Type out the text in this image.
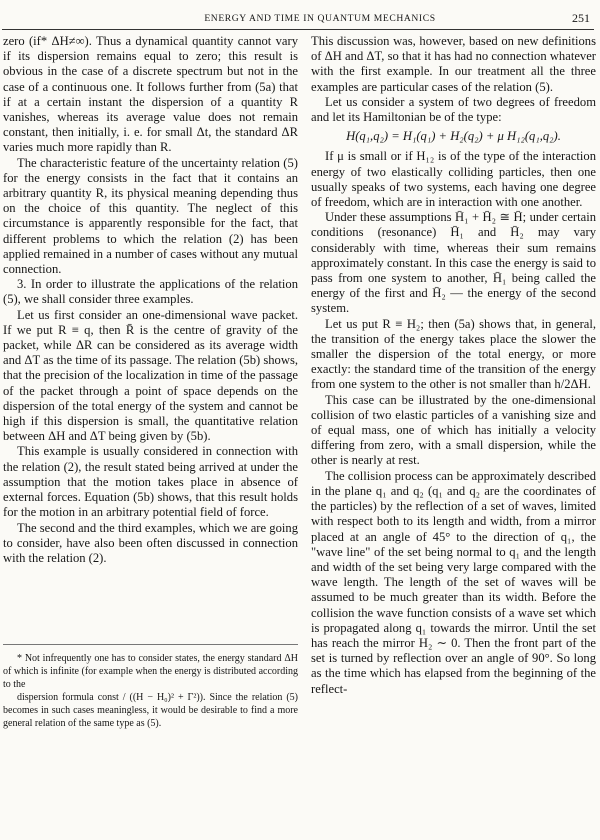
ENERGY AND TIME IN QUANTUM MECHANICS	251

zero (if* ΔH≠∞). Thus a dynamical quantity cannot vary if its dispersion remains equal to zero; this result is obvious in the case of a discrete spectrum but not in the case of a continuous one. It follows further from (5a) that if at a certain instant the dispersion of a quantity R vanishes, whereas its average value does not remain constant, then initially, i. e. for small Δt, the standard ΔR varies much more rapidly than R.

The characteristic feature of the uncertainty relation (5) for the energy consists in the fact that it contains an arbitrary quantity R, its physical meaning depending thus on the choice of this quantity. The neglect of this circumstance is apparently responsible for the fact, that different problems to which the relation (2) has been applied remained in a number of cases without any mutual connection.

3. In order to illustrate the applications of the relation (5), we shall consider three examples.

Let us first consider an one-dimensional wave packet. If we put R ≡ q, then R̄ is the centre of gravity of the packet, while ΔR can be considered as its average width and ΔT as the time of its passage. The relation (5b) shows, that the precision of the localization in time of the passage of the packet through a point of space depends on the dispersion of the total energy of the system and cannot be high if this dispersion is small, the quantitative relation between ΔH and ΔT being given by (5b).

This example is usually considered in connection with the relation (2), the result stated being arrived at under the assumption that the motion takes place in absence of external forces. Equation (5b) shows, that this result holds for the motion in an arbitrary potential field of force.

The second and the third examples, which we are going to consider, have also been often discussed in connection with the relation (2).

* Not infrequently one has to consider states, the energy standard ΔH of which is infinite (for example when the energy is distributed according to the

dispersion formula const / ((H − H₀)² + Γ²)). Since the relation (5) becomes in such cases meaningless, it would be desirable to find a more general relation of the same type as (5).

This discussion was, however, based on new definitions of ΔH and ΔT, so that it has had no connection whatever with the first example. In our treatment all the three examples are particular cases of the relation (5).

Let us consider a system of two degrees of freedom and let its Hamiltonian be of the type:

H(q₁,q₂) = H₁(q₁) + H₂(q₂) + μ H₁₂(q₁,q₂).

If μ is small or if H₁₂ is of the type of the interaction energy of two elastically colliding particles, then one usually speaks of two systems, each having one degree of freedom, which are in interaction with one another.

Under these assumptions H̄₁ + H̄₂ ≅ H̄; under certain conditions (resonance) H̄₁ and H̄₂ may vary considerably with time, whereas their sum remains approximately constant. In this case the energy is said to pass from one system to another, H̄₁ being called the energy of the first and H̄₂ — the energy of the second system.

Let us put R ≡ H₂; then (5a) shows that, in general, the transition of the energy takes place the slower the smaller the dispersion of the total energy, or more exactly: the standard time of the transition of the energy from one system to the other is not smaller than h/2ΔH.

This case can be illustrated by the one-dimensional collision of two elastic particles of a vanishing size and of equal mass, one of which has initially a velocity differing from zero, with a small dispersion, while the other is nearly at rest.

The collision process can be approximately described in the plane q₁ and q₂ (q₁ and q₂ are the coordinates of the particles) by the reflection of a set of waves, limited with respect both to its length and width, from a mirror placed at an angle of 45° to the direction of q₁, the "wave line" of the set being normal to q₁ and the length and width of the set being very large compared with the wave length. The length of the set of waves will be assumed to be much greater than its width. Before the collision the wave function consists of a wave set which is propagated along q₁ towards the mirror. Until the set has reach the mirror H₂ ∼ 0. Then the front part of the set is turned by reflection over an angle of 90°. So long as the time which has elapsed from the beginning of the reflect-
